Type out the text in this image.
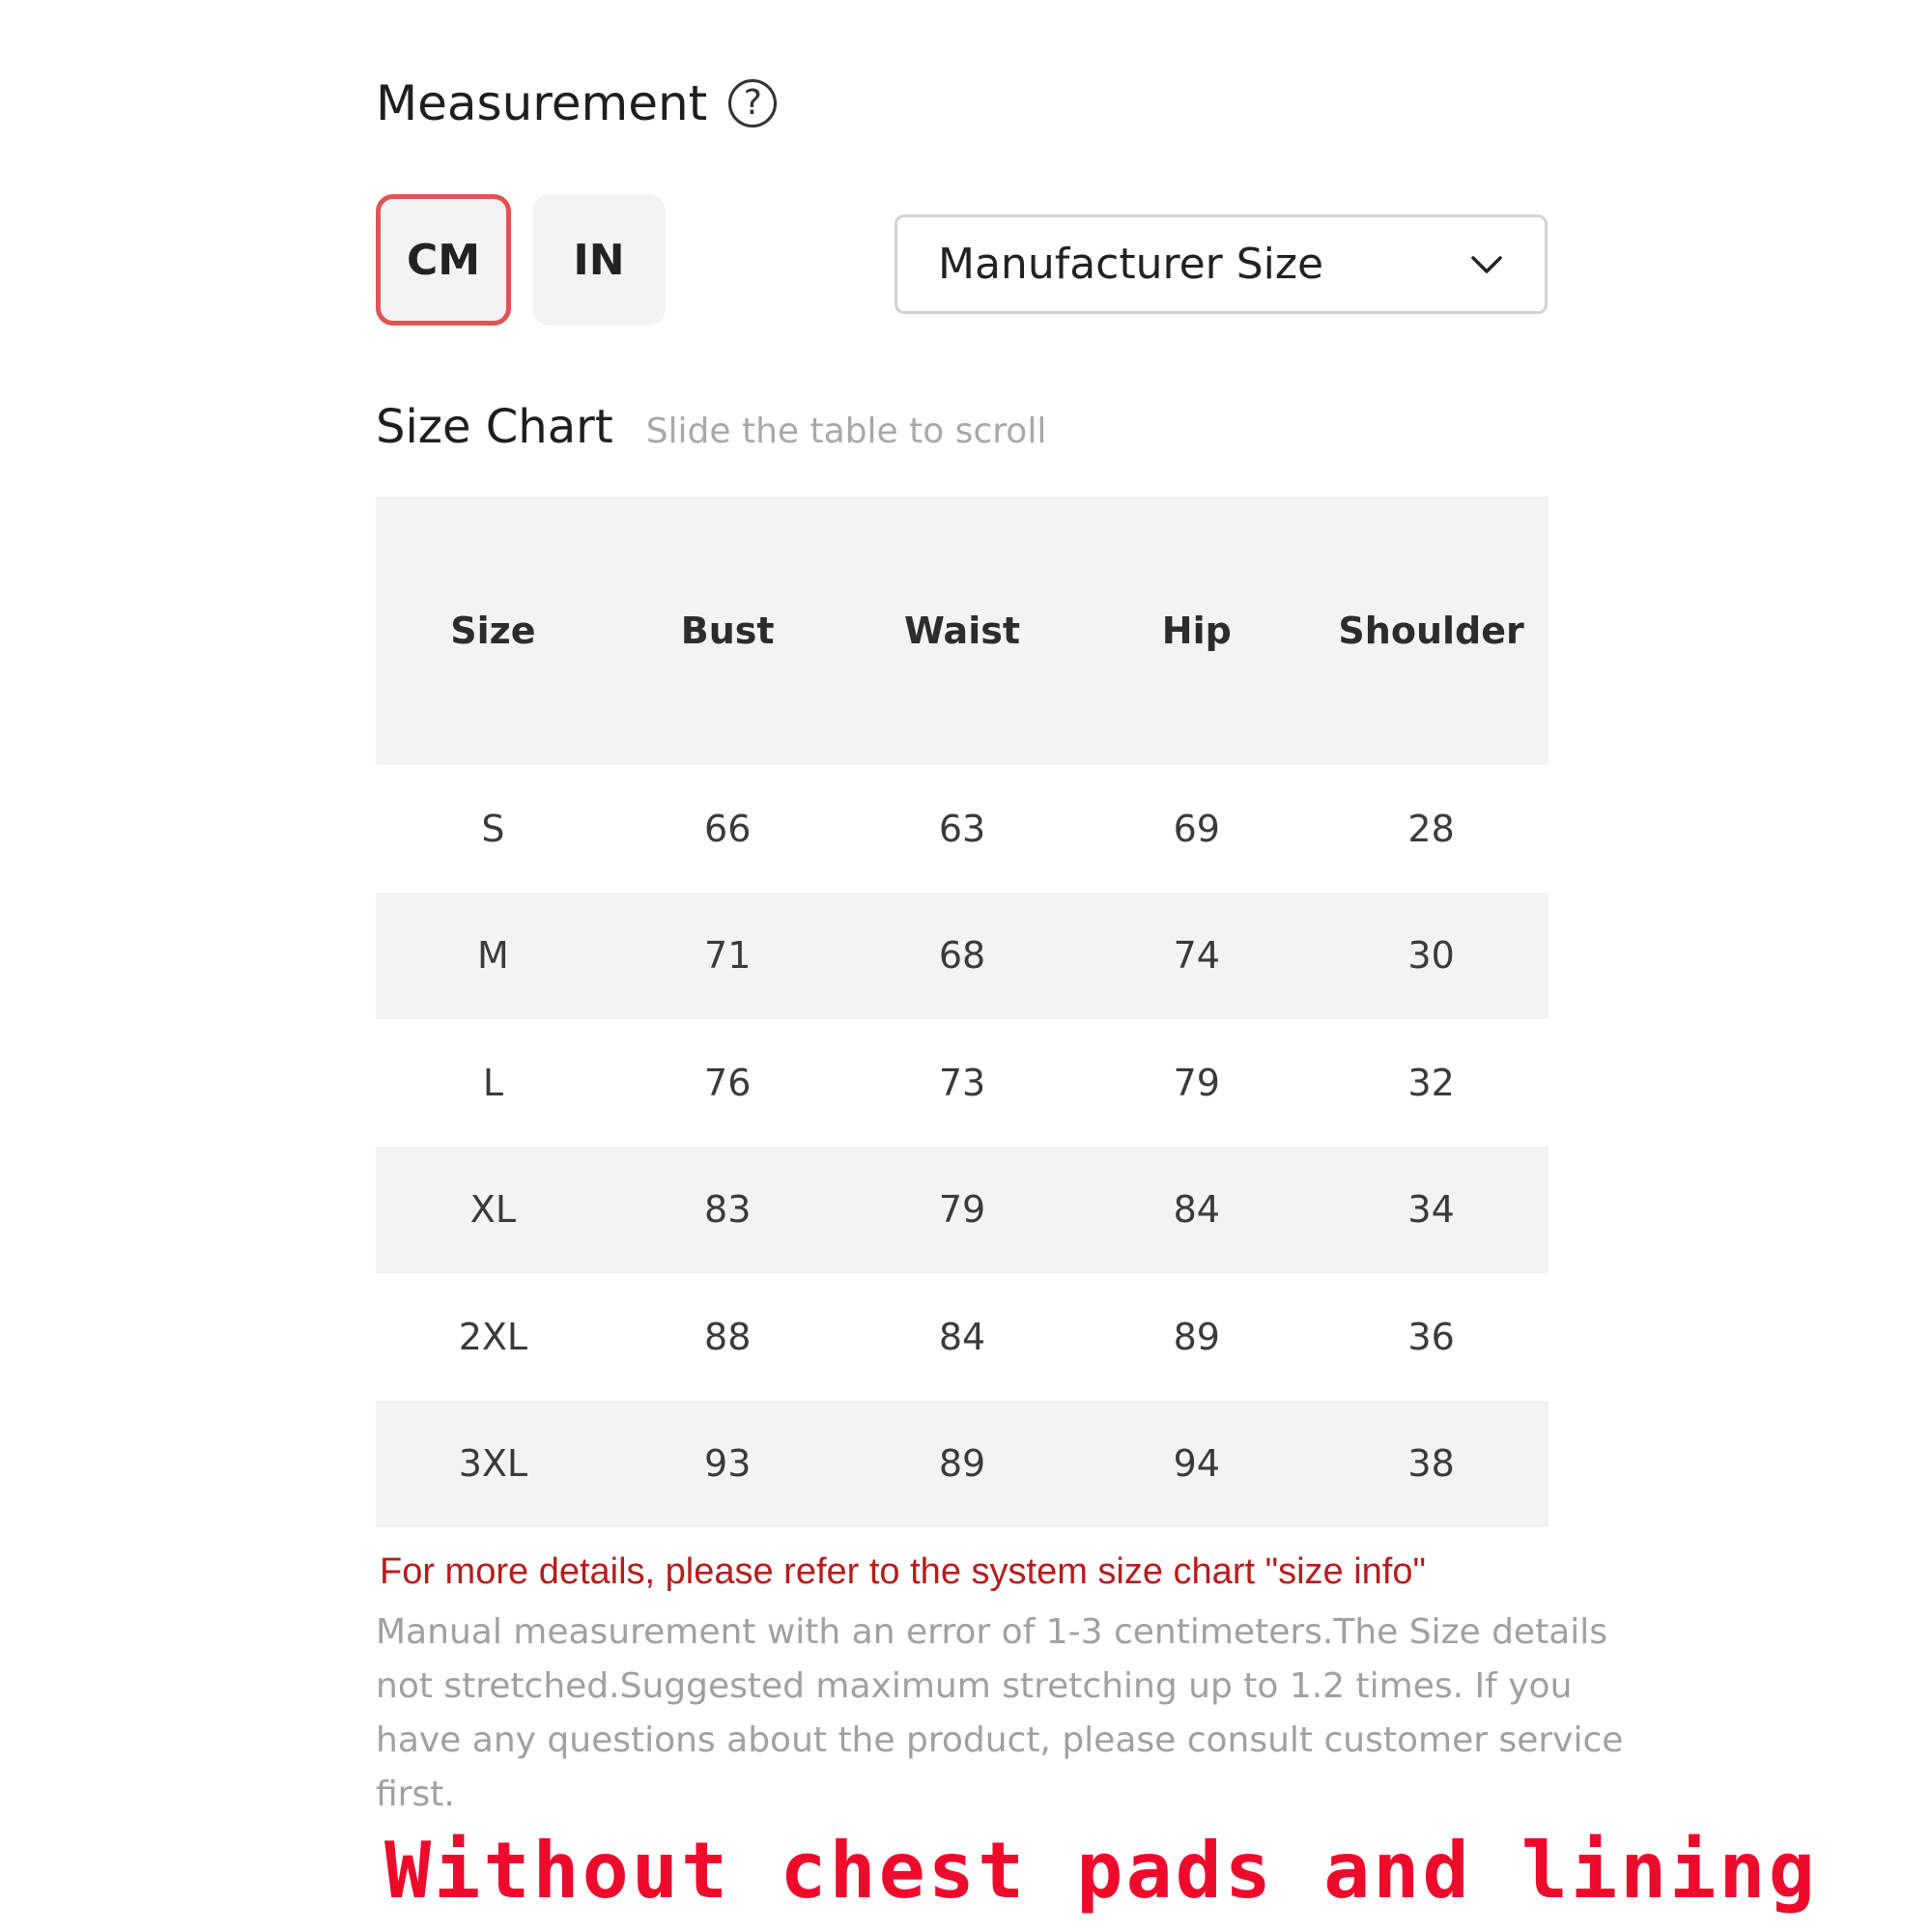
Measurement	?
CM	IN	Manufacturer Size
Size Chart Slide the table to scroll
Size	Bust	Waist	Hip	Shoulder
S	66	63	69	28
M	71	68	74	30
L	76	73	79	32
XL	83	79	84	34
2XL	88	84	89	36
3XL	93	89	94	38
For more details, please refer to the system size chart "size info"

Manual measurement with an error of 1-3 centimeters.The Size details not stretched.Suggested maximum stretching up to 1.2 times. If you have any questions about the product, please consult customer service first.

Without chest pads and lining
